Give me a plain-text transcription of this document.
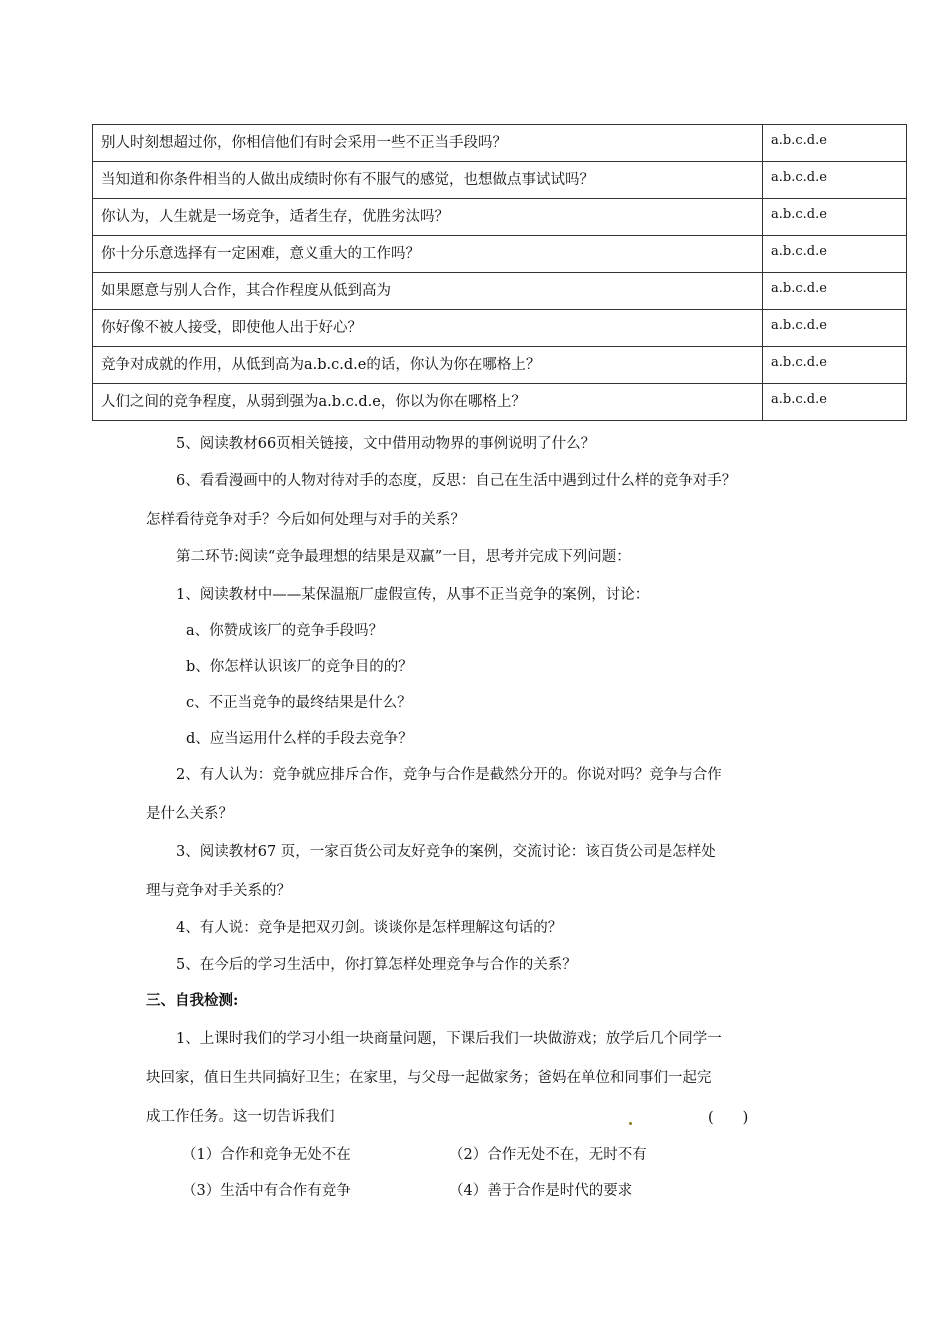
别人时刻想超过你，你相信他们有时会采用一些不正当手段吗？	a.b.c.d.e
当知道和你条件相当的人做出成绩时你有不服气的感觉，也想做点事试试吗？	a.b.c.d.e
你认为，人生就是一场竞争，适者生存，优胜劣汰吗？	a.b.c.d.e
你十分乐意选择有一定困难，意义重大的工作吗？	a.b.c.d.e
如果愿意与别人合作，其合作程度从低到高为	a.b.c.d.e
你好像不被人接受，即使他人出于好心？	a.b.c.d.e
竞争对成就的作用，从低到高为a.b.c.d.e的话，你认为你在哪格上？	a.b.c.d.e
人们之间的竞争程度，从弱到强为a.b.c.d.e，你以为你在哪格上？	a.b.c.d.e
5、阅读教材66页相关链接，文中借用动物界的事例说明了什么？
6、看看漫画中的人物对待对手的态度，反思：自己在生活中遇到过什么样的竞争对手？
怎样看待竞争对手？今后如何处理与对手的关系？
第二环节:阅读“竞争最理想的结果是双赢”一目，思考并完成下列问题：
1、阅读教材中——某保温瓶厂虚假宣传，从事不正当竞争的案例，讨论：
a、你赞成该厂的竞争手段吗？
b、你怎样认识该厂的竞争目的的？
c、不正当竞争的最终结果是什么？
d、应当运用什么样的手段去竞争？
2、有人认为：竞争就应排斥合作，竞争与合作是截然分开的。你说对吗？竞争与合作
是什么关系？
3、阅读教材67 页，一家百货公司友好竞争的案例，交流讨论：该百货公司是怎样处
理与竞争对手关系的？
4、有人说：竞争是把双刃剑。谈谈你是怎样理解这句话的？
5、在今后的学习生活中，你打算怎样处理竞争与合作的关系？
三、自我检测:
1、上课时我们的学习小组一块商量问题，下课后我们一块做游戏；放学后几个同学一
块回家，值日生共同搞好卫生；在家里，与父母一起做家务；爸妈在单位和同事们一起完
成工作任务。这一切告诉我们	(　　)
（1）合作和竞争无处不在	（2）合作无处不在，无时不有
（3）生活中有合作有竞争	（4）善于合作是时代的要求
